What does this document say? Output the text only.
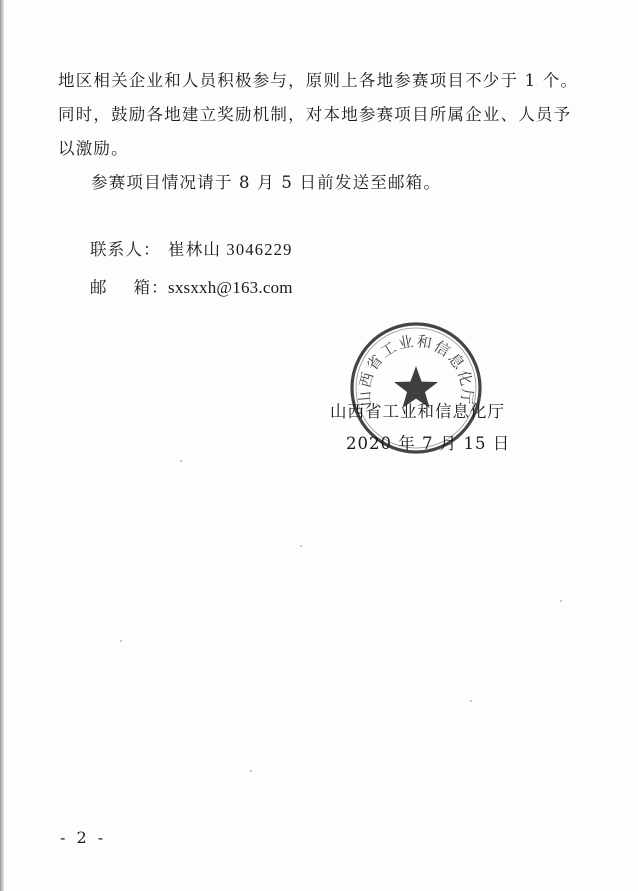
地区相关企业和人员积极参与，原则上各地参赛项目不少于 1 个。
同时，鼓励各地建立奖励机制，对本地参赛项目所属企业、人员予
以激励。

参赛项目情况请于 8 月 5 日前发送至邮箱。

联系人： 崔林山 3046229
邮    箱：sxsxxh@163.com
山西省工业和信息化厅
山西省工业和信息化厅
2020 年 7 月 15 日
- 2 -
